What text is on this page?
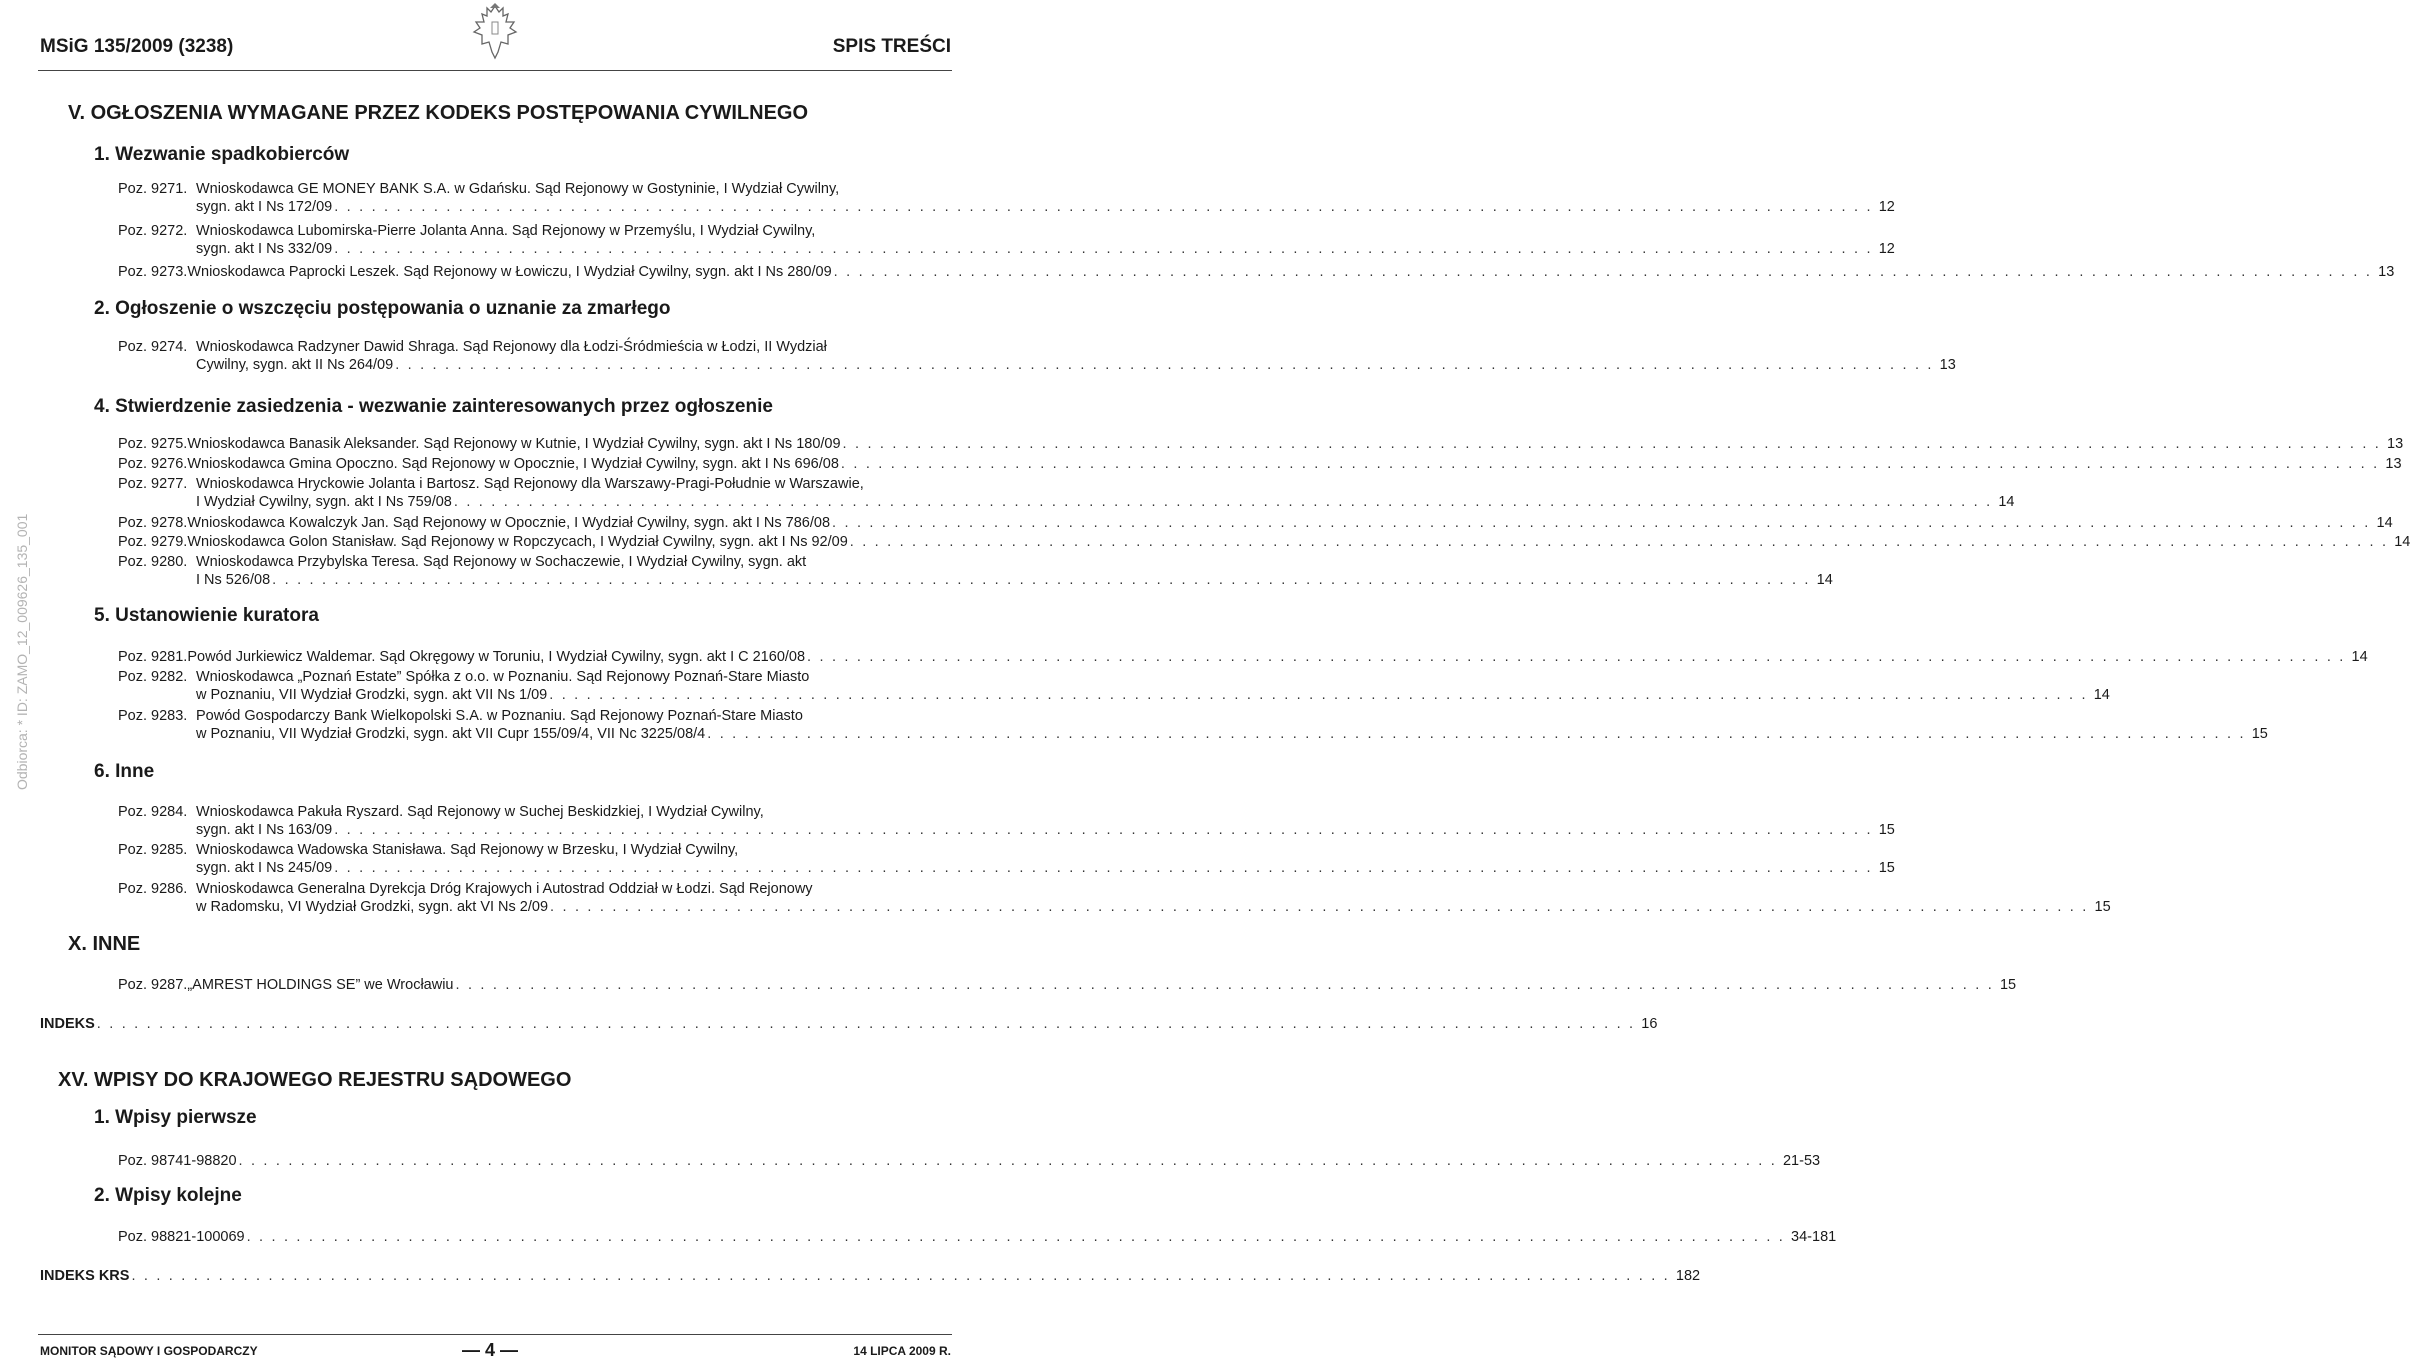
MSiG 135/2009 (3238)	SPIS TREŚCI
Odbiorca: * ID: ZAMO_12_009626_135_001
V. OGŁOSZENIA WYMAGANE PRZEZ KODEKS POSTĘPOWANIA CYWILNEGO
1. Wezwanie spadkobierców
Poz. 9271. Wnioskodawca GE MONEY BANK S.A. w Gdańsku. Sąd Rejonowy w Gostyninie, I Wydział Cywilny,
sygn. akt I Ns 172/09 . . . . . . . . . . . . . . . . . . . . . . . . . . . . . . . . . . . . . . . . . . . . . . . . . . . . . . . . . . . . . . . . . . . . . . . . . . . . . . . . . . . . . . . . . . . . . . . . . . . . . . . . . . . . . . . . . . . . . . . . . . . . 12
Poz. 9272. Wnioskodawca Lubomirska-Pierre Jolanta Anna. Sąd Rejonowy w Przemyślu, I Wydział Cywilny,
sygn. akt I Ns 332/09 . . . . . . . . . . . . . . . . . . . . . . . . . . . . . . . . . . . . . . . . . . . . . . . . . . . . . . . . . . . . . . . . . . . . . . . . . . . . . . . . . . . . . . . . . . . . . . . . . . . . . . . . . . . . . . . . . . . . . . . . . . . . 12
Poz. 9273. Wnioskodawca Paprocki Leszek. Sąd Rejonowy w Łowiczu, I Wydział Cywilny, sygn. akt I Ns 280/09 . . . . . . . . . . . . . . . . . . . . . . . . . . . . . . . . . . . . . . . . . . . . . . . . . . . . . . . . . . . . . . . . . . . . . . . . . . . . . . . . . . . . . . . . . . . . . . . . . . . . . . . . . . . . . . . . . . . . . . . . . . . . 13
2. Ogłoszenie o wszczęciu postępowania o uznanie za zmarłego
Poz. 9274. Wnioskodawca Radzyner Dawid Shraga. Sąd Rejonowy dla Łodzi-Śródmieścia w Łodzi, II Wydział
Cywilny, sygn. akt II Ns 264/09 . . . . . . . . . . . . . . . . . . . . . . . . . . . . . . . . . . . . . . . . . . . . . . . . . . . . . . . . . . . . . . . . . . . . . . . . . . . . . . . . . . . . . . . . . . . . . . . . . . . . . . . . . . . . . . . . . . . . . . . . . . . . 13
4. Stwierdzenie zasiedzenia - wezwanie zainteresowanych przez ogłoszenie
Poz. 9275. Wnioskodawca Banasik Aleksander. Sąd Rejonowy w Kutnie, I Wydział Cywilny, sygn. akt I Ns 180/09 . . . . . . . . . . . . . . . . . . . . . . . . . . . . . . . . . . . . . . . . . . . . . . . . . . . . . . . . . . . . . . . . . . . . . . . . . . . . . . . . . . . . . . . . . . . . . . . . . . . . . . . . . . . . . . . . . . . . . . . . . . . . 13
Poz. 9276. Wnioskodawca Gmina Opoczno. Sąd Rejonowy w Opocznie, I Wydział Cywilny, sygn. akt I Ns 696/08 . . . . . . . . . . . . . . . . . . . . . . . . . . . . . . . . . . . . . . . . . . . . . . . . . . . . . . . . . . . . . . . . . . . . . . . . . . . . . . . . . . . . . . . . . . . . . . . . . . . . . . . . . . . . . . . . . . . . . . . . . . . . 13
Poz. 9277. Wnioskodawca Hryckowie Jolanta i Bartosz. Sąd Rejonowy dla Warszawy-Pragi-Południe w Warszawie,
I Wydział Cywilny, sygn. akt I Ns 759/08 . . . . . . . . . . . . . . . . . . . . . . . . . . . . . . . . . . . . . . . . . . . . . . . . . . . . . . . . . . . . . . . . . . . . . . . . . . . . . . . . . . . . . . . . . . . . . . . . . . . . . . . . . . . . . . . . . . . . . . . . . . . . 14
Poz. 9278. Wnioskodawca Kowalczyk Jan. Sąd Rejonowy w Opocznie, I Wydział Cywilny, sygn. akt I Ns 786/08 . . . . . . . . . . . . . . . . . . . . . . . . . . . . . . . . . . . . . . . . . . . . . . . . . . . . . . . . . . . . . . . . . . . . . . . . . . . . . . . . . . . . . . . . . . . . . . . . . . . . . . . . . . . . . . . . . . . . . . . . . . . . 14
Poz. 9279. Wnioskodawca Golon Stanisław. Sąd Rejonowy w Ropczycach, I Wydział Cywilny, sygn. akt I Ns 92/09 . . . . . . . . . . . . . . . . . . . . . . . . . . . . . . . . . . . . . . . . . . . . . . . . . . . . . . . . . . . . . . . . . . . . . . . . . . . . . . . . . . . . . . . . . . . . . . . . . . . . . . . . . . . . . . . . . . . . . . . . . . . . 14
Poz. 9280. Wnioskodawca Przybylska Teresa. Sąd Rejonowy w Sochaczewie, I Wydział Cywilny, sygn. akt
I Ns 526/08 . . . . . . . . . . . . . . . . . . . . . . . . . . . . . . . . . . . . . . . . . . . . . . . . . . . . . . . . . . . . . . . . . . . . . . . . . . . . . . . . . . . . . . . . . . . . . . . . . . . . . . . . . . . . . . . . . . . . . . . . . . . . 14
5. Ustanowienie kuratora
Poz. 9281. Powód Jurkiewicz Waldemar. Sąd Okręgowy w Toruniu, I Wydział Cywilny, sygn. akt I C 2160/08 . . . . . . . . . . . . . . . . . . . . . . . . . . . . . . . . . . . . . . . . . . . . . . . . . . . . . . . . . . . . . . . . . . . . . . . . . . . . . . . . . . . . . . . . . . . . . . . . . . . . . . . . . . . . . . . . . . . . . . . . . . . . 14
Poz. 9282. Wnioskodawca „Poznań Estate” Spółka z o.o. w Poznaniu. Sąd Rejonowy Poznań-Stare Miasto
w Poznaniu, VII Wydział Grodzki, sygn. akt VII Ns 1/09 . . . . . . . . . . . . . . . . . . . . . . . . . . . . . . . . . . . . . . . . . . . . . . . . . . . . . . . . . . . . . . . . . . . . . . . . . . . . . . . . . . . . . . . . . . . . . . . . . . . . . . . . . . . . . . . . . . . . . . . . . . . . 14
Poz. 9283. Powód Gospodarczy Bank Wielkopolski S.A. w Poznaniu. Sąd Rejonowy Poznań-Stare Miasto
w Poznaniu, VII Wydział Grodzki, sygn. akt VII Cupr 155/09/4, VII Nc 3225/08/4 . . . . . . . . . . . . . . . . . . . . . . . . . . . . . . . . . . . . . . . . . . . . . . . . . . . . . . . . . . . . . . . . . . . . . . . . . . . . . . . . . . . . . . . . . . . . . . . . . . . . . . . . . . . . . . . . . . . . . . . . . . . . 15
6. Inne
Poz. 9284. Wnioskodawca Pakuła Ryszard. Sąd Rejonowy w Suchej Beskidzkiej, I Wydział Cywilny,
sygn. akt I Ns 163/09 . . . . . . . . . . . . . . . . . . . . . . . . . . . . . . . . . . . . . . . . . . . . . . . . . . . . . . . . . . . . . . . . . . . . . . . . . . . . . . . . . . . . . . . . . . . . . . . . . . . . . . . . . . . . . . . . . . . . . . . . . . . . 15
Poz. 9285. Wnioskodawca Wadowska Stanisława. Sąd Rejonowy w Brzesku, I Wydział Cywilny,
sygn. akt I Ns 245/09 . . . . . . . . . . . . . . . . . . . . . . . . . . . . . . . . . . . . . . . . . . . . . . . . . . . . . . . . . . . . . . . . . . . . . . . . . . . . . . . . . . . . . . . . . . . . . . . . . . . . . . . . . . . . . . . . . . . . . . . . . . . . 15
Poz. 9286. Wnioskodawca Generalna Dyrekcja Dróg Krajowych i Autostrad Oddział w Łodzi. Sąd Rejonowy
w Radomsku, VI Wydział Grodzki, sygn. akt VI Ns 2/09 . . . . . . . . . . . . . . . . . . . . . . . . . . . . . . . . . . . . . . . . . . . . . . . . . . . . . . . . . . . . . . . . . . . . . . . . . . . . . . . . . . . . . . . . . . . . . . . . . . . . . . . . . . . . . . . . . . . . . . . . . . . . 15
X. INNE
Poz. 9287. „AMREST HOLDINGS SE” we Wrocławiu . . . . . . . . . . . . . . . . . . . . . . . . . . . . . . . . . . . . . . . . . . . . . . . . . . . . . . . . . . . . . . . . . . . . . . . . . . . . . . . . . . . . . . . . . . . . . . . . . . . . . . . . . . . . . . . . . . . . . . . . . . . . 15
INDEKS . . . . . . . . . . . . . . . . . . . . . . . . . . . . . . . . . . . . . . . . . . . . . . . . . . . . . . . . . . . . . . . . . . . . . . . . . . . . . . . . . . . . . . . . . . . . . . . . . . . . . . . . . . . . . . . . . . . . . . . . . . . . 16
XV. WPISY DO KRAJOWEGO REJESTRU SĄDOWEGO
1. Wpisy pierwsze
Poz. 98741-98820 . . . . . . . . . . . . . . . . . . . . . . . . . . . . . . . . . . . . . . . . . . . . . . . . . . . . . . . . . . . . . . . . . . . . . . . . . . . . . . . . . . . . . . . . . . . . . . . . . . . . . . . . . . . . . . . . . . . . . . . . . . . . 21-53
2. Wpisy kolejne
Poz. 98821-100069 . . . . . . . . . . . . . . . . . . . . . . . . . . . . . . . . . . . . . . . . . . . . . . . . . . . . . . . . . . . . . . . . . . . . . . . . . . . . . . . . . . . . . . . . . . . . . . . . . . . . . . . . . . . . . . . . . . . . . . . . . . . . 34-181
INDEKS KRS . . . . . . . . . . . . . . . . . . . . . . . . . . . . . . . . . . . . . . . . . . . . . . . . . . . . . . . . . . . . . . . . . . . . . . . . . . . . . . . . . . . . . . . . . . . . . . . . . . . . . . . . . . . . . . . . . . . . . . . . . . . . 182
MONITOR SĄDOWY I GOSPODARCZY	— 4 —	14 LIPCA 2009 R.
